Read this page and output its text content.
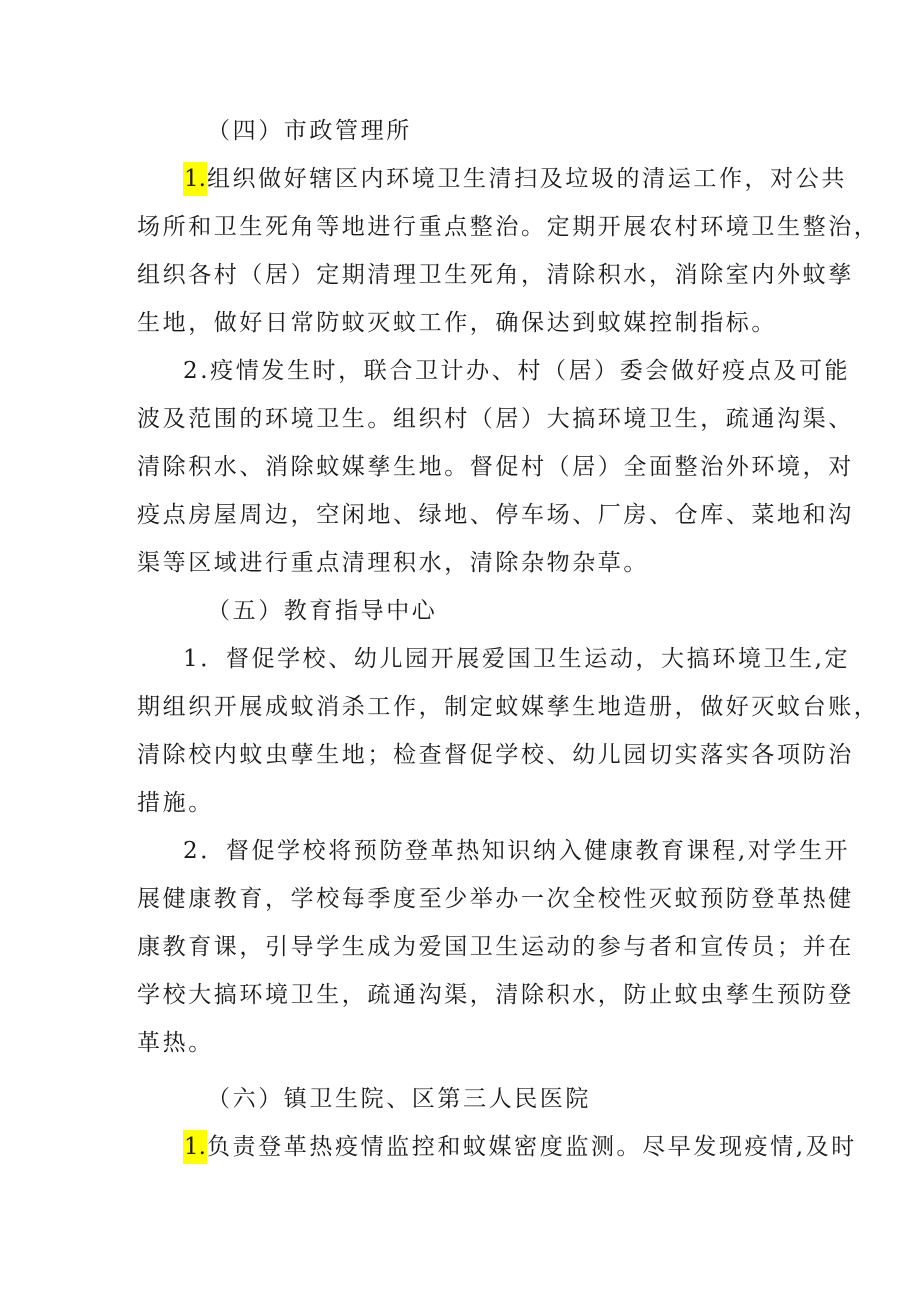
（四）市政管理所
1.组织做好辖区内环境卫生清扫及垃圾的清运工作，对公共
场所和卫生死角等地进行重点整治。定期开展农村环境卫生整治，
组织各村（居）定期清理卫生死角，清除积水，消除室内外蚊孳
生地，做好日常防蚊灭蚊工作，确保达到蚊媒控制指标。
2.疫情发生时，联合卫计办、村（居）委会做好疫点及可能
波及范围的环境卫生。组织村（居）大搞环境卫生，疏通沟渠、
清除积水、消除蚊媒孳生地。督促村（居）全面整治外环境，对
疫点房屋周边，空闲地、绿地、停车场、厂房、仓库、菜地和沟
渠等区域进行重点清理积水，清除杂物杂草。
（五）教育指导中心
1．督促学校、幼儿园开展爱国卫生运动，大搞环境卫生,定
期组织开展成蚊消杀工作，制定蚊媒孳生地造册，做好灭蚊台账，
清除校内蚊虫孽生地；检查督促学校、幼儿园切实落实各项防治
措施。
2．督促学校将预防登革热知识纳入健康教育课程,对学生开
展健康教育，学校每季度至少举办一次全校性灭蚊预防登革热健
康教育课，引导学生成为爱国卫生运动的参与者和宣传员；并在
学校大搞环境卫生，疏通沟渠，清除积水，防止蚊虫孳生预防登
革热。
（六）镇卫生院、区第三人民医院
1.负责登革热疫情监控和蚊媒密度监测。尽早发现疫情,及时
